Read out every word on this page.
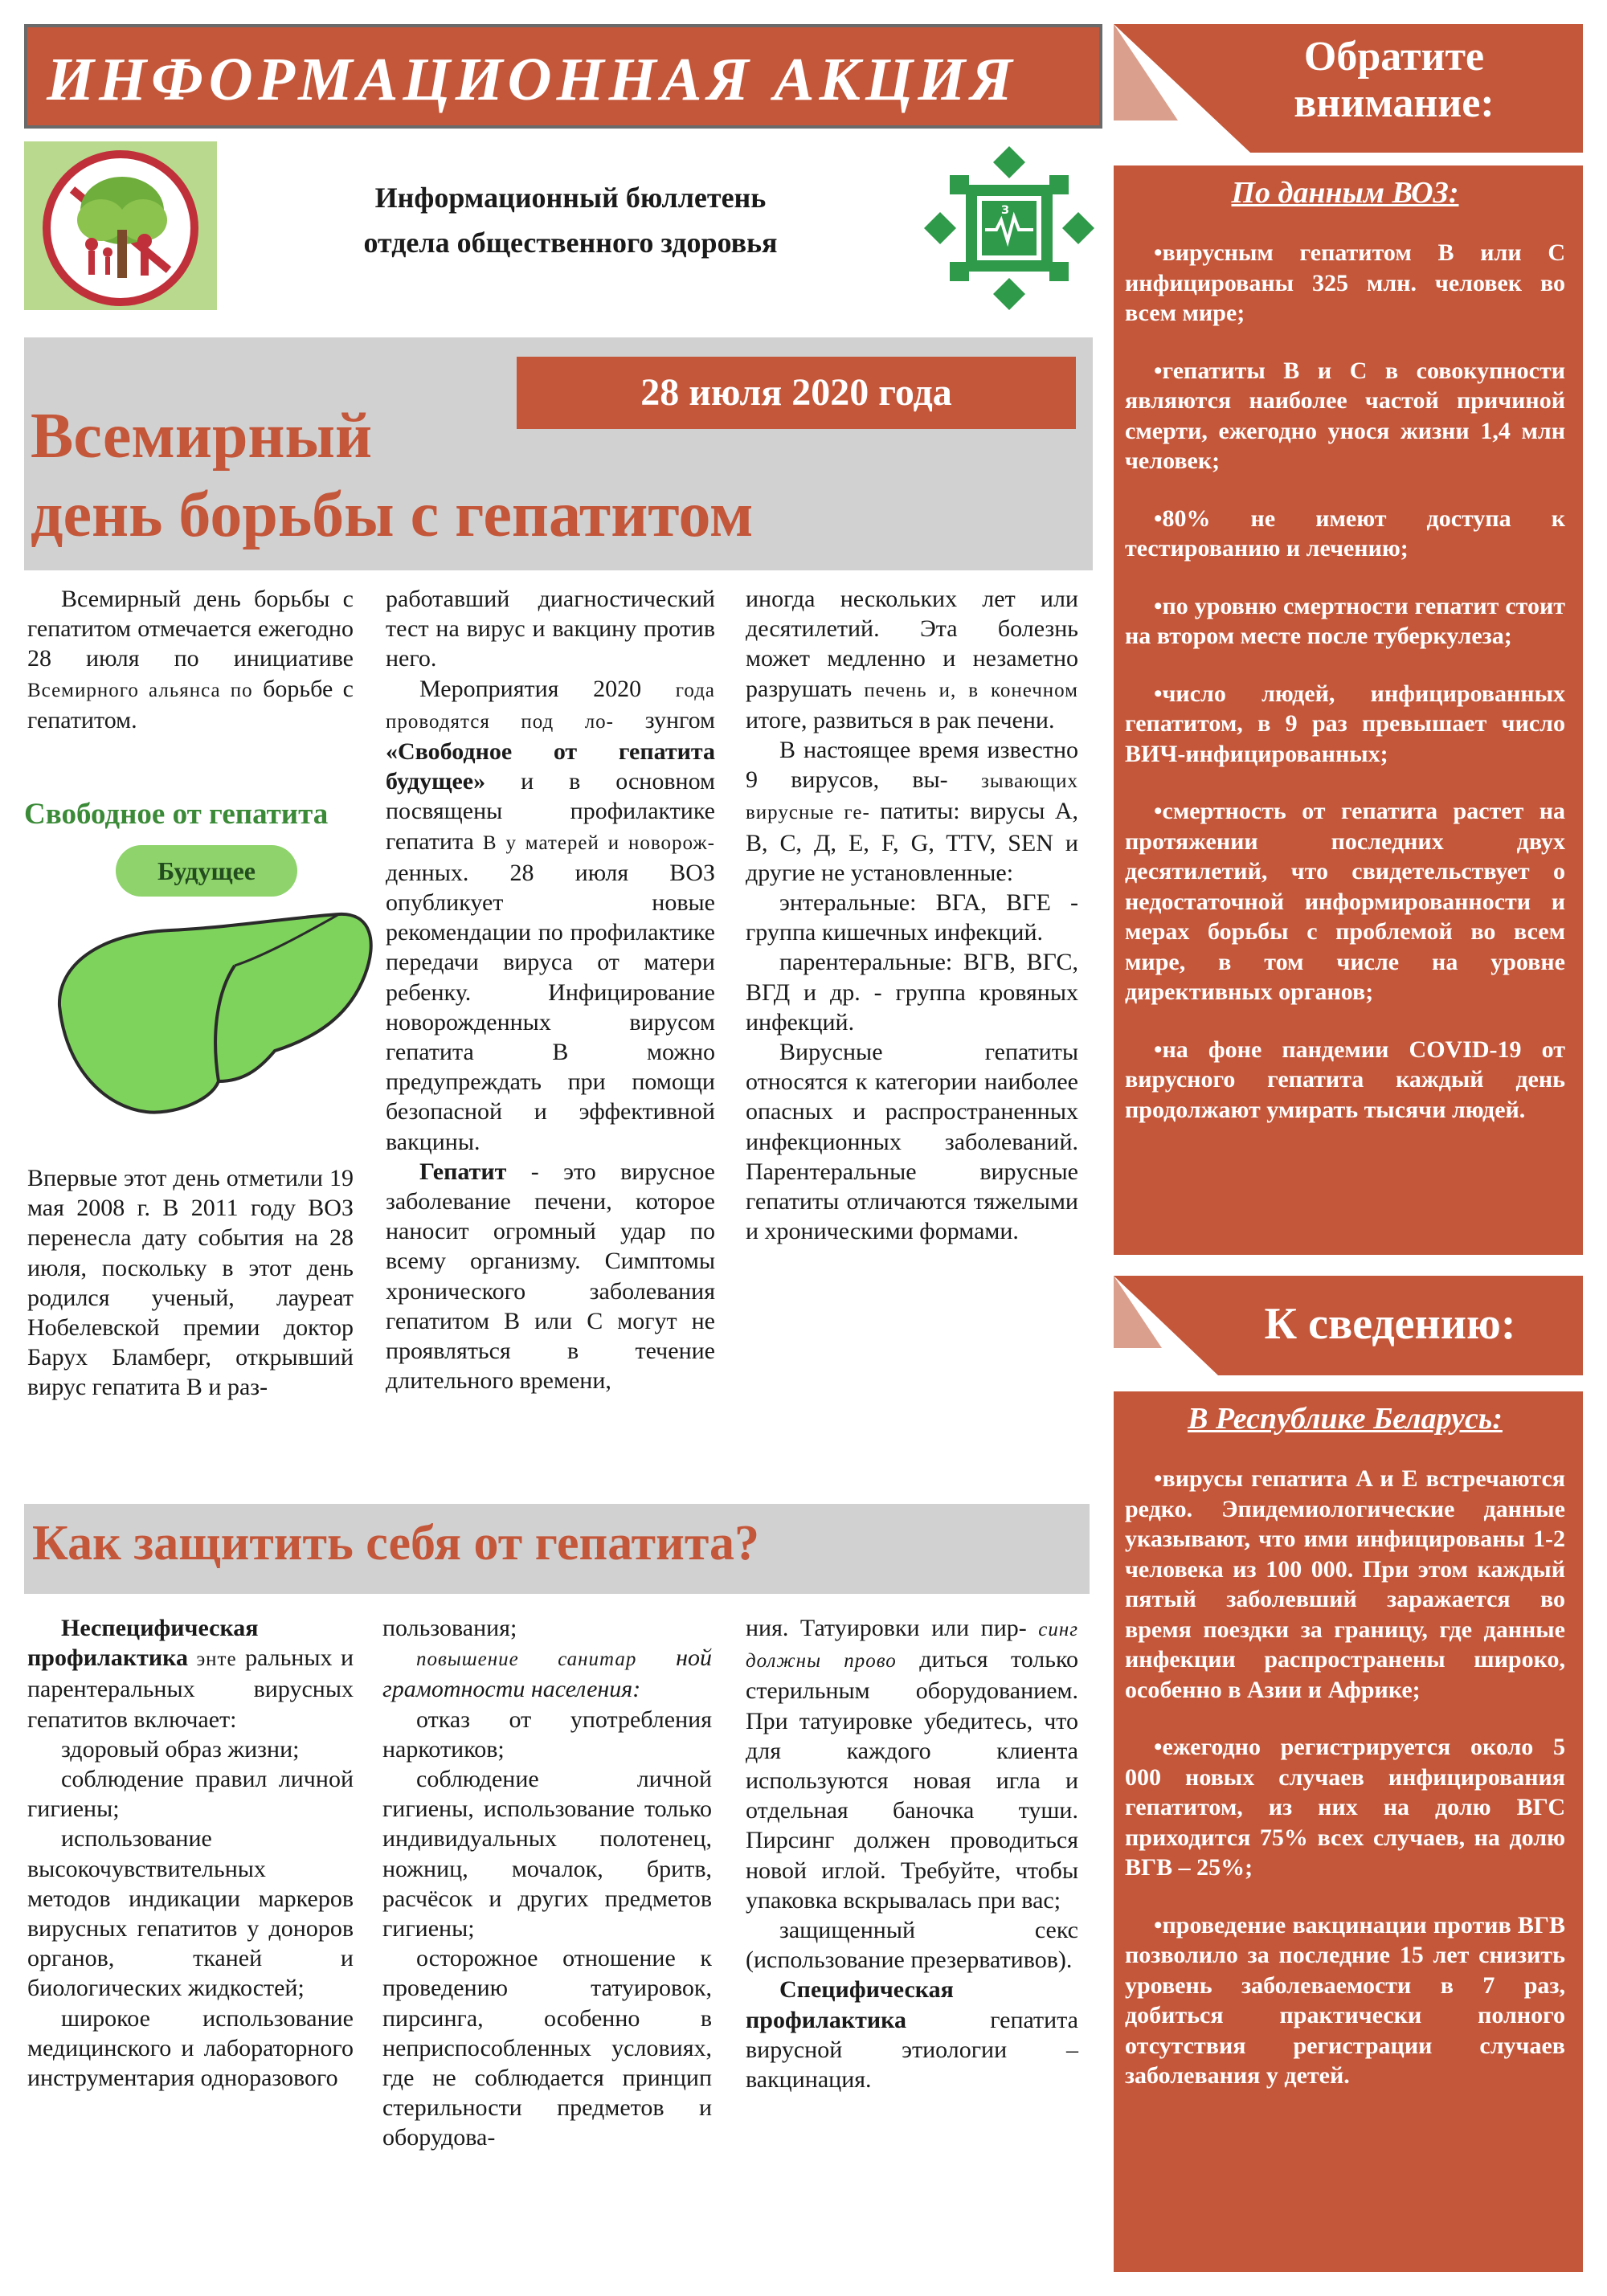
ИНФОРМАЦИОННАЯ АКЦИЯ
Информационный бюллетень
отдела общественного здоровья
З
28 июля 2020 года
Всемирный
день борьбы с гепатитом

Всемирный день борьбы с гепатитом отмечается ежегодно 28 июля по инициативе Всемирного альянса по борьбе с гепатитом.

Свободное от гепатита
Будущее

Впервые этот день отметили 19 мая 2008 г. В 2011 году ВОЗ перенесла дату события на 28 июля, поскольку в этот день родился ученый, лауреат Нобелевской премии доктор Барух Бламберг, открывший вирус гепатита B и раз-

работавший диагностический тест на вирус и вакцину против него.

Мероприятия 2020 года проводятся под ло- зунгом «Свободное от гепатита будущее» и в основном посвящены профилактике гепатита B у матерей и новорож- денных. 28 июля ВОЗ опубликует новые рекомендации по профилактике передачи вируса от матери ребенку. Инфицирование новорожденных вирусом гепатита B можно предупреждать при помощи безопасной и эффективной вакцины.

Гепатит - это вирусное заболевание печени, которое наносит огромный удар по всему организму. Симптомы хронического заболевания гепатитом B или C могут не проявляться в течение длительного времени,

иногда нескольких лет или десятилетий. Эта болезнь может медленно и незаметно разрушать печень и, в конечном итоге, развиться в рак печени.

В настоящее время известно 9 вирусов, вы- зывающих вирусные ге- патиты: вирусы A, B, C, Д, E, F, G, TTV, SEN и другие не установленные:

энтеральные: ВГА, ВГЕ - группа кишечных инфекций.

парентеральные: ВГВ, ВГС, ВГД и др. - группа кровяных инфекций.

Вирусные гепатиты относятся к категории наиболее опасных и распространенных инфекционных заболеваний. Парентеральные вирусные гепатиты отличаются тяжелыми и хроническими формами.

Как защитить себя от гепатита?

Неспецифическая профилактика энте ральных и парентеральных вирусных гепатитов включает:

здоровый образ жизни;

соблюдение правил личной гигиены;

использование высокочувствительных методов индикации маркеров вирусных гепатитов у доноров органов, тканей и биологических жидкостей;

широкое использование медицинского и лабораторного инструментария одноразового

пользования;

повышение санитар ной грамотности населения:

отказ от употребления наркотиков;

соблюдение личной гигиены, использование только индивидуальных полотенец, ножниц, мочалок, бритв, расчёсок и других предметов гигиены;

осторожное отношение к проведению татуировок, пирсинга, особенно в неприспособленных условиях, где не соблюдается принцип стерильности предметов и оборудова-

ния. Татуировки или пир- синг должны прово диться только стерильным оборудованием. При татуировке убедитесь, что для каждого клиента используются новая игла и отдельная баночка туши. Пирсинг должен проводиться новой иглой. Требуйте, чтобы упаковка вскрывалась при вас;

защищенный секс (использование презервативов).

Специфическая профилактика	гепатита вирусной этиологии – вакцинация.

Обратите
внимание:
По данным ВОЗ:
•вирусным гепатитом B или C инфицированы 325 млн. человек во всем мире;
•гепатиты B и C в совокупности являются наиболее частой причиной смерти, ежегодно унося жизни 1,4 млн человек;
•80% не имеют доступа к тестированию и лечению;
•по уровню смертности гепатит стоит на втором месте после туберкулеза;
•число людей, инфицированных гепатитом, в 9 раз превышает число ВИЧ-инфицированных;
•смертность от гепатита растет на протяжении последних двух десятилетий, что свидетельствует о недостаточной информированности и мерах борьбы с проблемой во всем мире, в том числе на уровне директивных органов;
•на фоне пандемии COVID-19 от вирусного гепатита каждый день продолжают умирать тысячи людей.
К сведению:
В Республике Беларусь:
•вирусы гепатита A и E встречаются редко. Эпидемиологические данные указывают, что ими инфицированы 1-2 человека из 100 000. При этом каждый пятый заболевший заражается во время поездки за границу, где данные инфекции распространены широко, особенно в Азии и Африке;
•ежегодно регистрируется около 5 000 новых случаев инфицирования гепатитом, из них на долю ВГС приходится 75% всех случаев, на долю ВГВ – 25%;
•проведение вакцинации против ВГВ позволило за последние 15 лет снизить уровень заболеваемости в 7 раз, добиться практически полного отсутствия регистрации случаев заболевания у детей.
